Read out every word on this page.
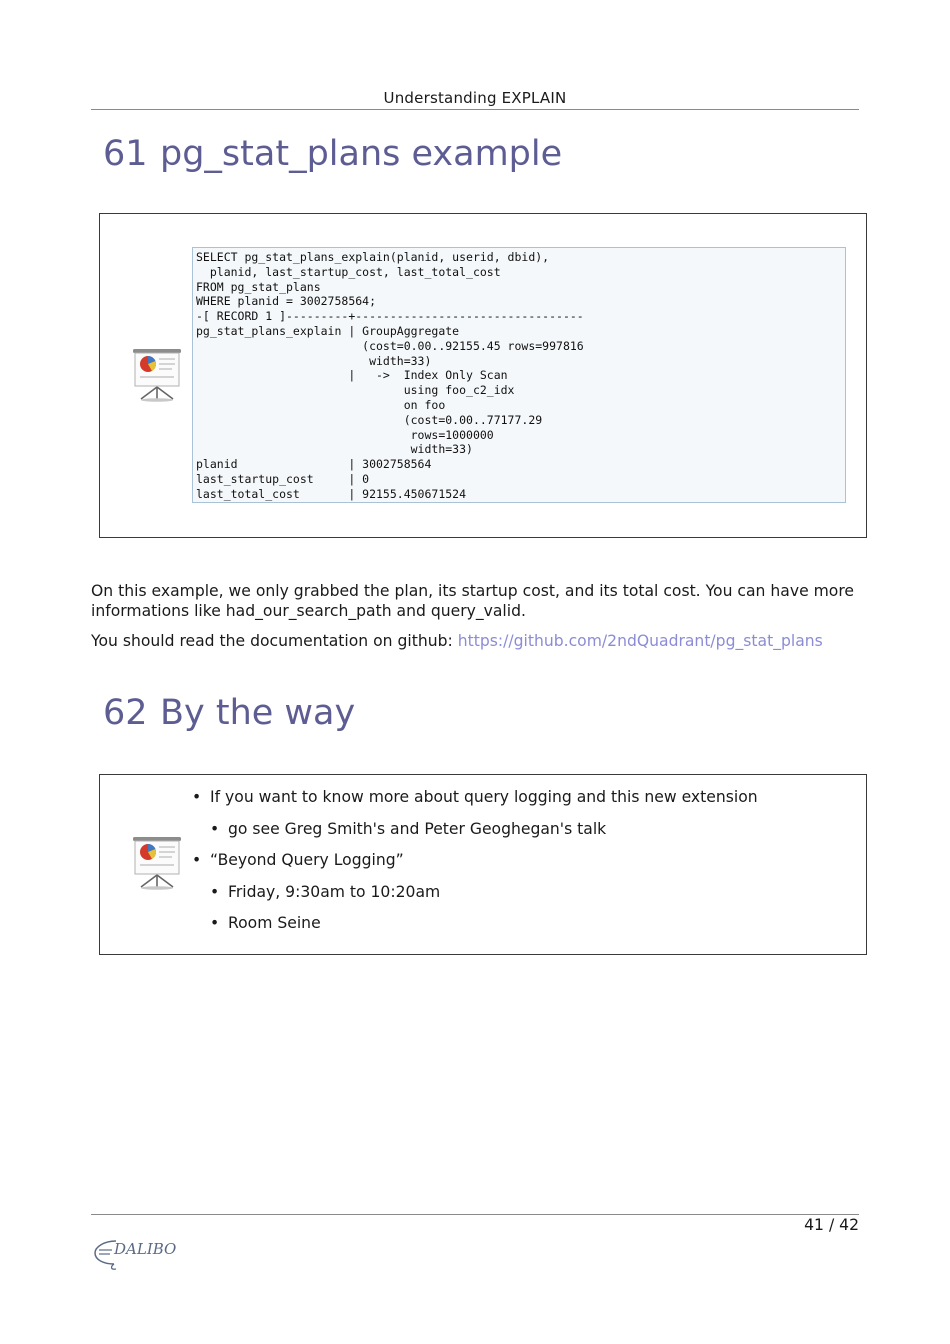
Understanding EXPLAIN
61 pg_stat_plans example
SELECT pg_stat_plans_explain(planid, userid, dbid),
planid, last_startup_cost, last_total_cost
FROM pg_stat_plans
WHERE planid = 3002758564;
-[ RECORD 1 ]---------+---------------------------------
pg_stat_plans_explain | GroupAggregate
(cost=0.00..92155.45 rows=997816
width=33)
|   ->  Index Only Scan
using foo_c2_idx
on foo
(cost=0.00..77177.29
rows=1000000
width=33)
planid                | 3002758564
last_startup_cost     | 0
last_total_cost       | 92155.450671524

On this example, we only grabbed the plan, its startup cost, and its total cost. You can have more informations like had_our_search_path and query_valid.

You should read the documentation on github: https://github.com/2ndQuadrant/pg_stat_plans

62 By the way
• If you want to know more about query logging and this new extension
• go see Greg Smith's and Peter Geoghegan's talk
• “Beyond Query Logging”
• Friday, 9:30am to 10:20am
• Room Seine
41 / 42
DALIBO
